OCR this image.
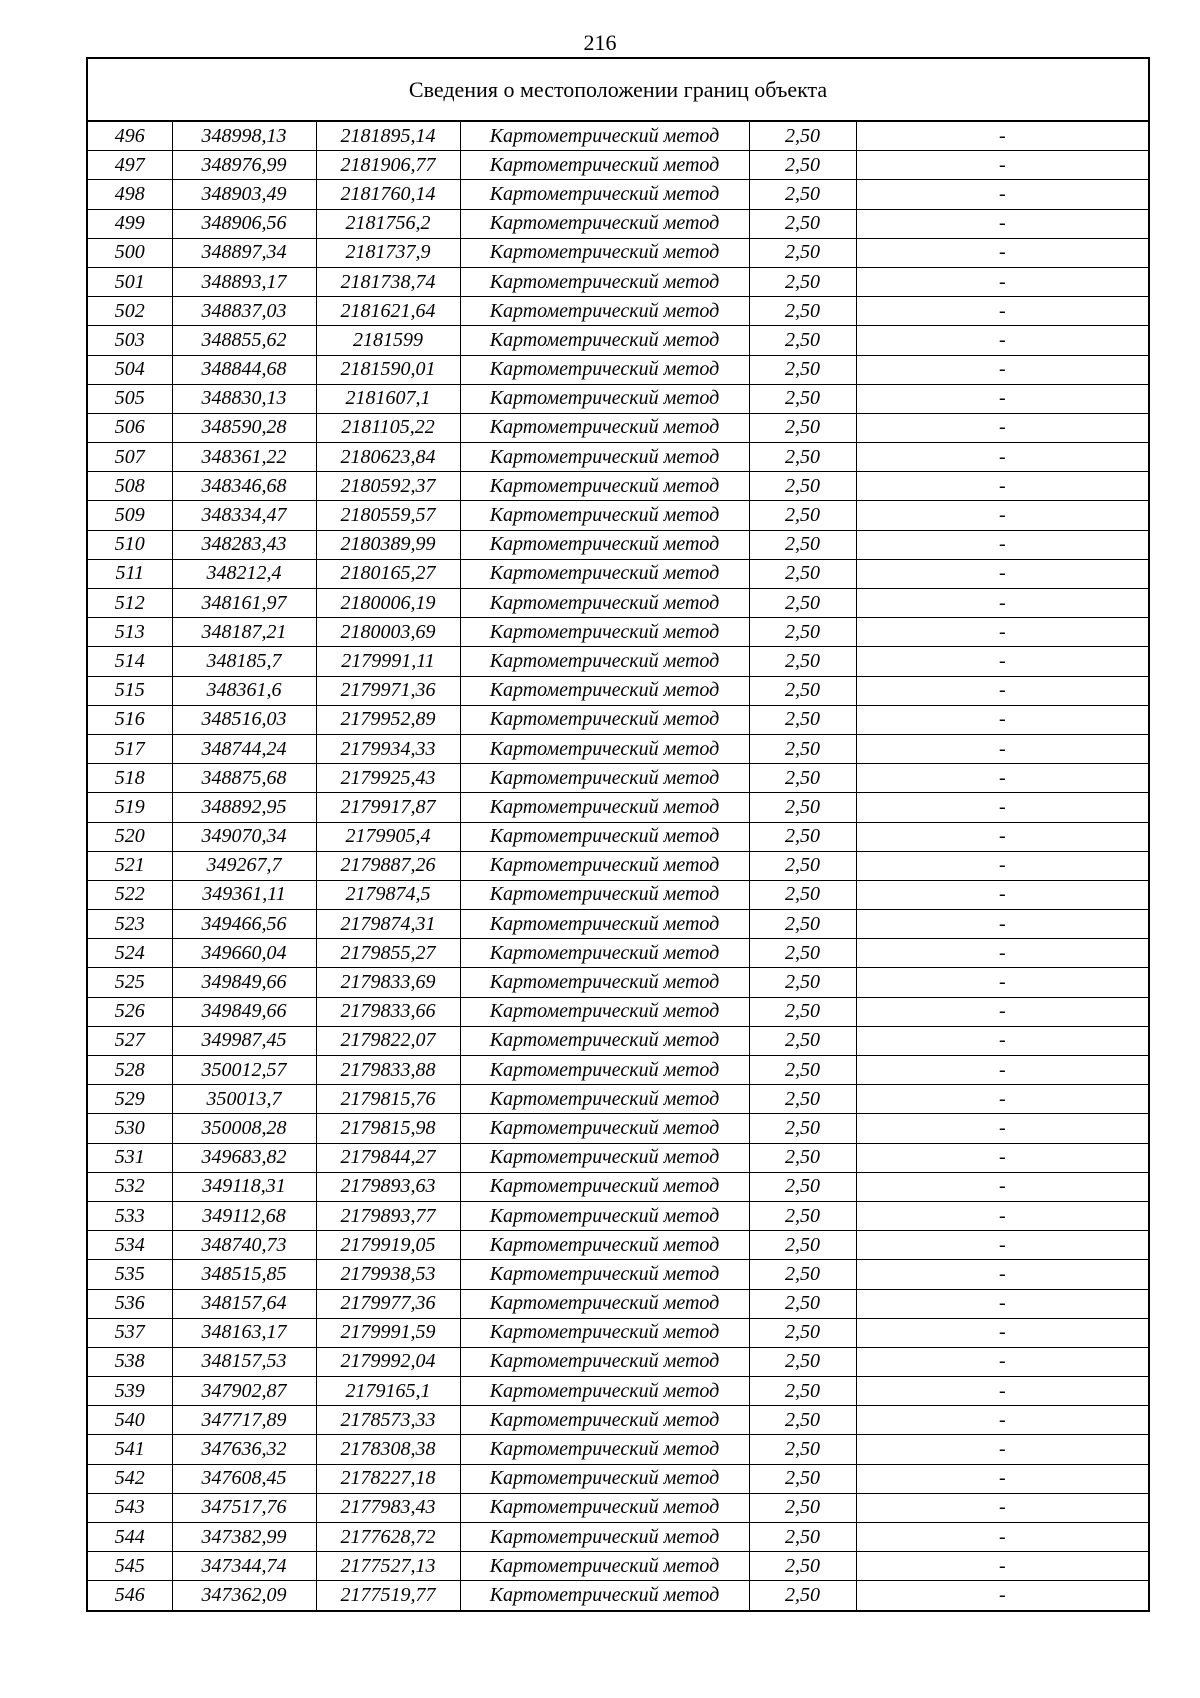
216
Сведения о местоположении границ объекта					
496	348998,13	2181895,14	Картометрический метод	2,50	-
497	348976,99	2181906,77	Картометрический метод	2,50	-
498	348903,49	2181760,14	Картометрический метод	2,50	-
499	348906,56	2181756,2	Картометрический метод	2,50	-
500	348897,34	2181737,9	Картометрический метод	2,50	-
501	348893,17	2181738,74	Картометрический метод	2,50	-
502	348837,03	2181621,64	Картометрический метод	2,50	-
503	348855,62	2181599	Картометрический метод	2,50	-
504	348844,68	2181590,01	Картометрический метод	2,50	-
505	348830,13	2181607,1	Картометрический метод	2,50	-
506	348590,28	2181105,22	Картометрический метод	2,50	-
507	348361,22	2180623,84	Картометрический метод	2,50	-
508	348346,68	2180592,37	Картометрический метод	2,50	-
509	348334,47	2180559,57	Картометрический метод	2,50	-
510	348283,43	2180389,99	Картометрический метод	2,50	-
511	348212,4	2180165,27	Картометрический метод	2,50	-
512	348161,97	2180006,19	Картометрический метод	2,50	-
513	348187,21	2180003,69	Картометрический метод	2,50	-
514	348185,7	2179991,11	Картометрический метод	2,50	-
515	348361,6	2179971,36	Картометрический метод	2,50	-
516	348516,03	2179952,89	Картометрический метод	2,50	-
517	348744,24	2179934,33	Картометрический метод	2,50	-
518	348875,68	2179925,43	Картометрический метод	2,50	-
519	348892,95	2179917,87	Картометрический метод	2,50	-
520	349070,34	2179905,4	Картометрический метод	2,50	-
521	349267,7	2179887,26	Картометрический метод	2,50	-
522	349361,11	2179874,5	Картометрический метод	2,50	-
523	349466,56	2179874,31	Картометрический метод	2,50	-
524	349660,04	2179855,27	Картометрический метод	2,50	-
525	349849,66	2179833,69	Картометрический метод	2,50	-
526	349849,66	2179833,66	Картометрический метод	2,50	-
527	349987,45	2179822,07	Картометрический метод	2,50	-
528	350012,57	2179833,88	Картометрический метод	2,50	-
529	350013,7	2179815,76	Картометрический метод	2,50	-
530	350008,28	2179815,98	Картометрический метод	2,50	-
531	349683,82	2179844,27	Картометрический метод	2,50	-
532	349118,31	2179893,63	Картометрический метод	2,50	-
533	349112,68	2179893,77	Картометрический метод	2,50	-
534	348740,73	2179919,05	Картометрический метод	2,50	-
535	348515,85	2179938,53	Картометрический метод	2,50	-
536	348157,64	2179977,36	Картометрический метод	2,50	-
537	348163,17	2179991,59	Картометрический метод	2,50	-
538	348157,53	2179992,04	Картометрический метод	2,50	-
539	347902,87	2179165,1	Картометрический метод	2,50	-
540	347717,89	2178573,33	Картометрический метод	2,50	-
541	347636,32	2178308,38	Картометрический метод	2,50	-
542	347608,45	2178227,18	Картометрический метод	2,50	-
543	347517,76	2177983,43	Картометрический метод	2,50	-
544	347382,99	2177628,72	Картометрический метод	2,50	-
545	347344,74	2177527,13	Картометрический метод	2,50	-
546	347362,09	2177519,77	Картометрический метод	2,50	-
